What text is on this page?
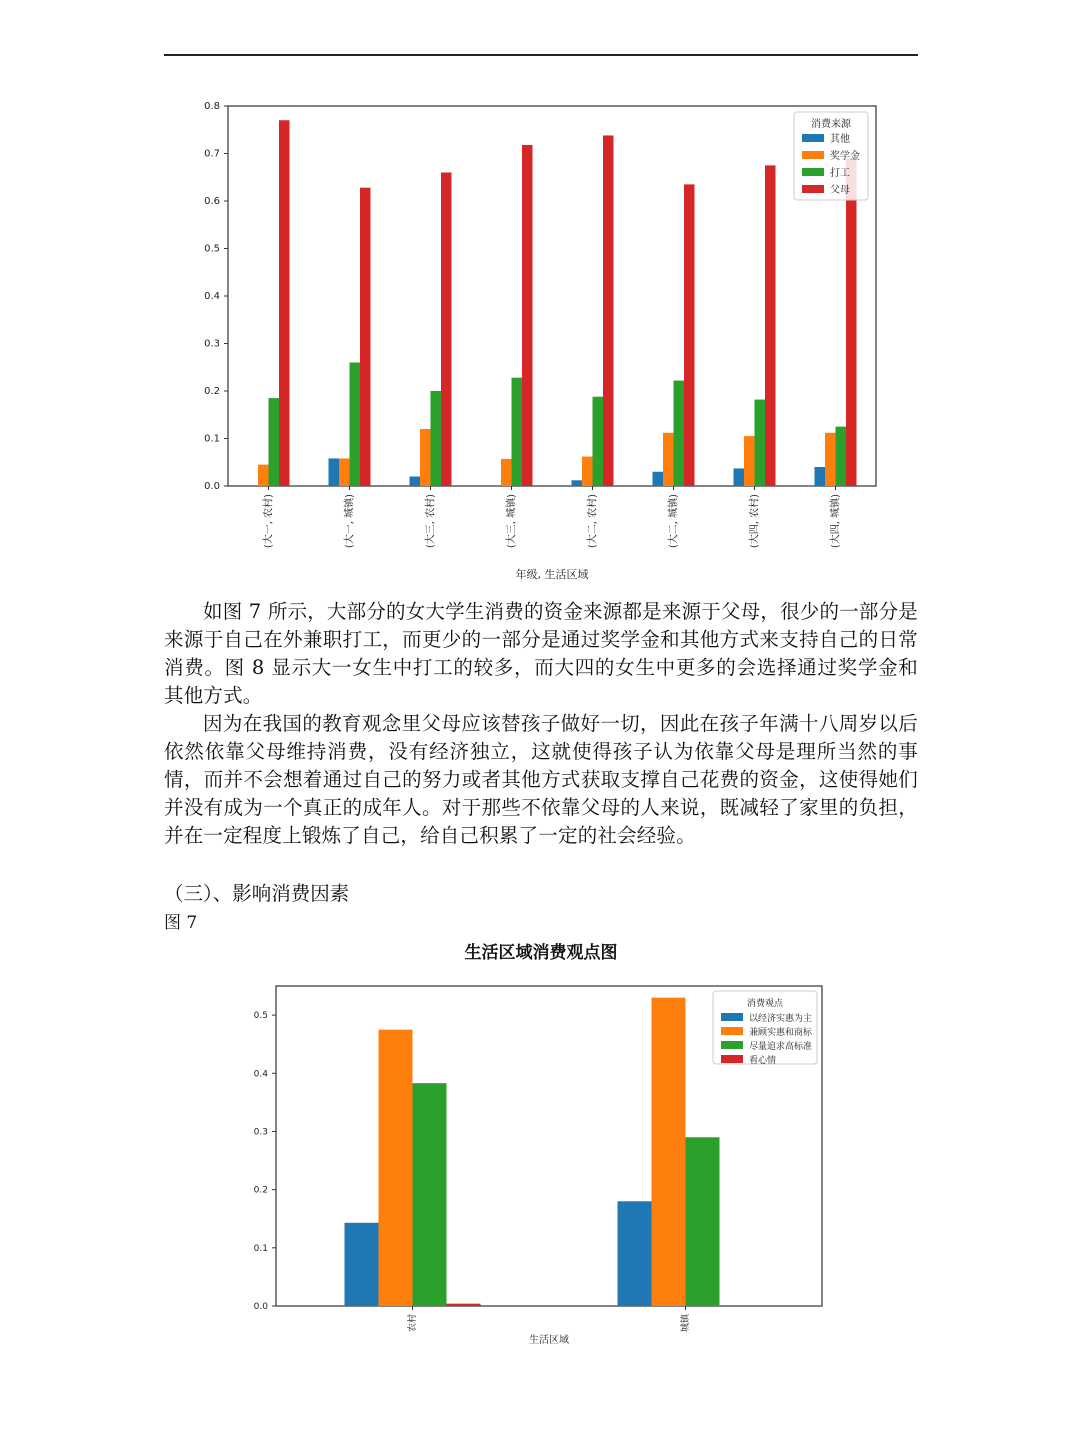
0.0
0.1
0.2
0.3
0.4
0.5
0.6
0.7
0.8
(大一, 农村)	(大一, 城镇)	(大三, 农村)	(大三, 城镇)	(大二, 农村)	(大二, 城镇)	(大四, 农村)	(大四, 城镇)
年级, 生活区域
消费来源
其他
奖学金
打工
父母

如图 7 所示，大部分的女大学生消费的资金来源都是来源于父母，很少的一部分是来源于自己在外兼职打工，而更少的一部分是通过奖学金和其他方式来支持自己的日常消费。图 8 显示大一女生中打工的较多，而大四的女生中更多的会选择通过奖学金和其他方式。

因为在我国的教育观念里父母应该替孩子做好一切，因此在孩子年满十八周岁以后依然依靠父母维持消费，没有经济独立，这就使得孩子认为依靠父母是理所当然的事情，而并不会想着通过自己的努力或者其他方式获取支撑自己花费的资金，这使得她们并没有成为一个真正的成年人。对于那些不依靠父母的人来说，既减轻了家里的负担，并在一定程度上锻炼了自己，给自己积累了一定的社会经验。

（三）、影响消费因素

图 7

生活区域消费观点图

0.0
0.1
0.2
0.3
0.4
0.5
农村	城镇
生活区域
消费观点
以经济实惠为主
兼顾实惠和商标
尽量追求高标准
看心情
